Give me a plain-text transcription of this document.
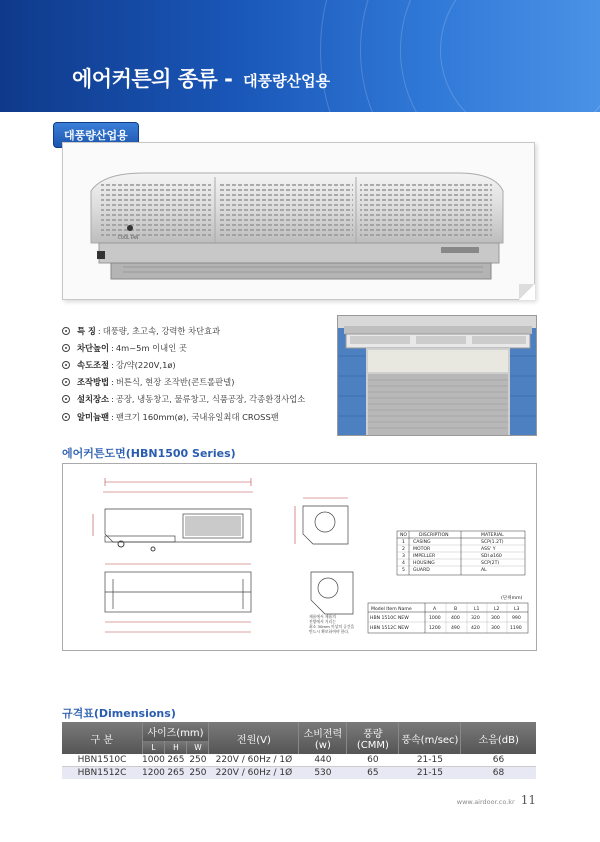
에어커튼의 종류 - 대풍량산업용
대풍량산업용
COOL FAN
특 징 : 대풍량, 초고속, 강력한 차단효과
차단높이 : 4m~5m 이내인 곳
속도조절 : 강/약(220V,1ø)
조작방법 : 버튼식, 현장 조작반(콘트롤판넬)
설치장소 : 공장, 냉동창고, 물류창고, 식품공장, 각종환경사업소
알미늄팬 : 팬크기 160mm(ø), 국내유일최대 CROSS팬
에어커튼도면(HBN1500 Series)
제품에서 제품의
전방에서 거리는
최소 30mm 이상의 공간을
반드시 확보하여야 한다.
NO	DISCRIPTION	MATERIAL
1 CASING	SCP(1.2T)
2 MOTOR	ASS' Y
3 IMPELLER	SDI ø160
4 HOUSING	SCP(2T)
5 GUARD	AL
(단위mm)
Model Item Name	A	B	L1	L2	L3
HBN 1510C NEW	1000 400 320 300	990
HBN 1512C NEW	1200 490 420 300 1190
규격표(Dimensions)
구 분	사이즈(mm)			전원(V)	소비전력(w)	풍량(CMM)	풍속(m/sec)	소음(dB)
	L	H	W					
HBN1510C	1000	265	250	220V / 60Hz / 1Ø	440	60	21-15	66
HBN1512C	1200	265	250	220V / 60Hz / 1Ø	530	65	21-15	68
www.airdoor.co.kr 11
